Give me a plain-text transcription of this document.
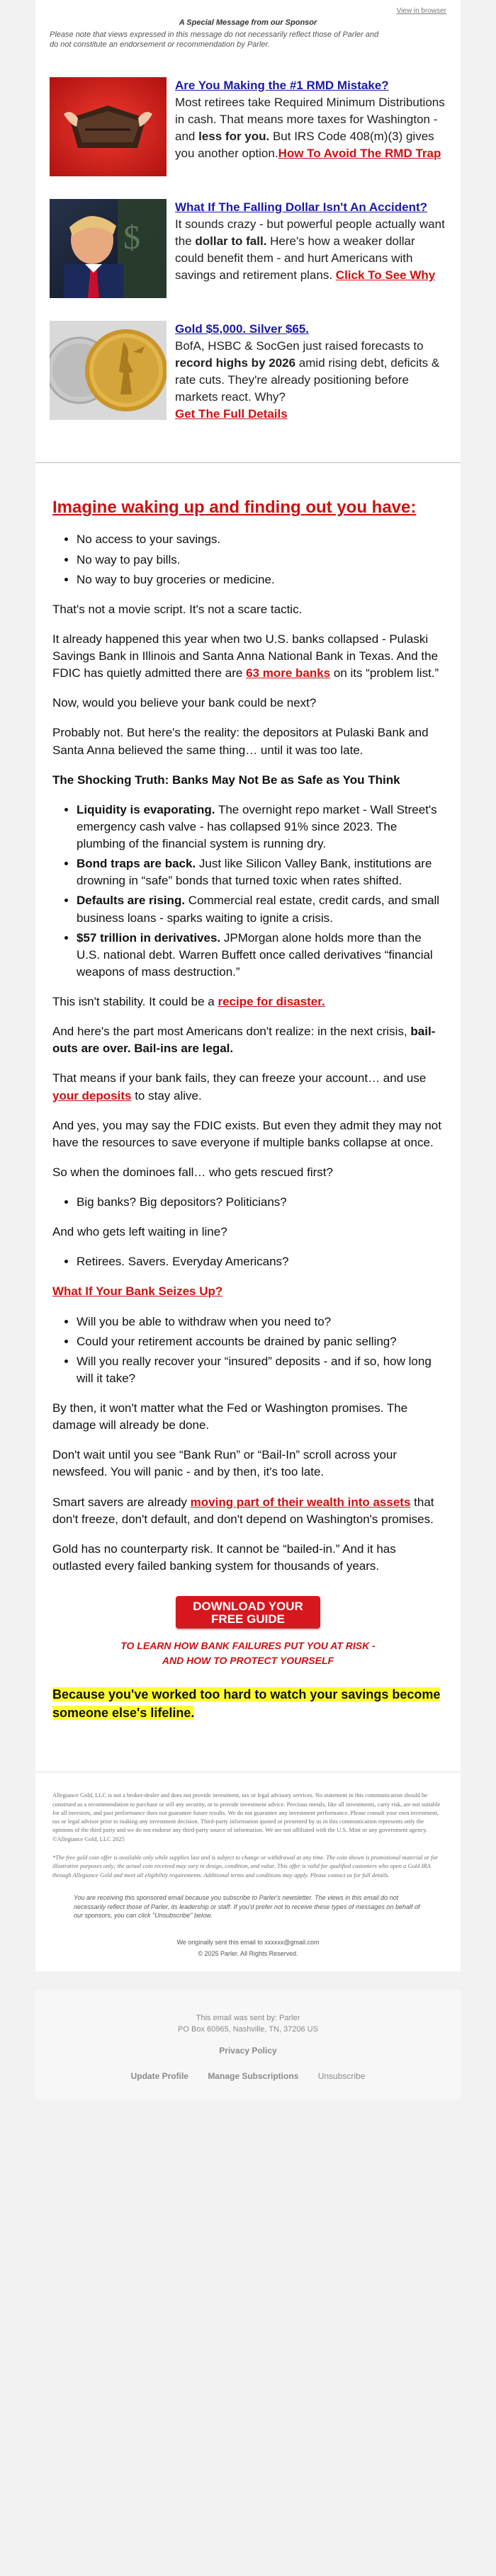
View in browser
A Special Message from our Sponsor
Please note that views expressed in this message do not necessarily reflect those of Parler and do not constitute an endorsement or recommendation by Parler.
Are You Making the #1 RMD Mistake?
Most retirees take Required Minimum Distributions in cash. That means more taxes for Washington - and less for you. But IRS Code 408(m)(3) gives you another option.How To Avoid The RMD Trap
$
What If The Falling Dollar Isn't An Accident?
It sounds crazy - but powerful people actually want the dollar to fall. Here's how a weaker dollar could benefit them - and hurt Americans with savings and retirement plans. Click To See Why
Gold $5,000. Silver $65.
BofA, HSBC & SocGen just raised forecasts to record highs by 2026 amid rising debt, deficits & rate cuts. They're already positioning before markets react. Why?
Get The Full Details
Imagine waking up and finding out you have:
• No access to your savings.
• No way to pay bills.
• No way to buy groceries or medicine.

That's not a movie script. It's not a scare tactic.

It already happened this year when two U.S. banks collapsed - Pulaski Savings Bank in Illinois and Santa Anna National Bank in Texas. And the FDIC has quietly admitted there are 63 more banks on its “problem list.”

Now, would you believe your bank could be next?

Probably not. But here's the reality: the depositors at Pulaski Bank and Santa Anna believed the same thing… until it was too late.

The Shocking Truth: Banks May Not Be as Safe as You Think

• Liquidity is evaporating. The overnight repo market - Wall Street's emergency cash valve - has collapsed 91% since 2023. The plumbing of the financial system is running dry.
• Bond traps are back. Just like Silicon Valley Bank, institutions are drowning in “safe” bonds that turned toxic when rates shifted.
• Defaults are rising. Commercial real estate, credit cards, and small business loans - sparks waiting to ignite a crisis.
• $57 trillion in derivatives. JPMorgan alone holds more than the U.S. national debt. Warren Buffett once called derivatives “financial weapons of mass destruction.”

This isn't stability. It could be a recipe for disaster.

And here's the part most Americans don't realize: in the next crisis, bail-outs are over. Bail-ins are legal.

That means if your bank fails, they can freeze your account… and use your deposits to stay alive.

And yes, you may say the FDIC exists. But even they admit they may not have the resources to save everyone if multiple banks collapse at once.

So when the dominoes fall… who gets rescued first?

• Big banks? Big depositors? Politicians?

And who gets left waiting in line?

• Retirees. Savers. Everyday Americans?

What If Your Bank Seizes Up?

• Will you be able to withdraw when you need to?
• Could your retirement accounts be drained by panic selling?
• Will you really recover your “insured” deposits - and if so, how long will it take?

By then, it won't matter what the Fed or Washington promises. The damage will already be done.

Don't wait until you see “Bank Run” or “Bail-In” scroll across your newsfeed. You will panic - and by then, it's too late.

Smart savers are already moving part of their wealth into assets that don't freeze, don't default, and don't depend on Washington's promises.

Gold has no counterparty risk. It cannot be “bailed-in.” And it has outlasted every failed banking system for thousands of years.

DOWNLOAD YOUR
FREE GUIDE
TO LEARN HOW BANK FAILURES PUT YOU AT RISK -
AND HOW TO PROTECT YOURSELF

Because you've worked too hard to watch your savings become someone else's lifeline.

Allegiance Gold, LLC is not a broker-dealer and does not provide investment, tax or legal advisory services. No statement in this communication should be construed as a recommendation to purchase or sell any security, or to provide investment advice. Precious metals, like all investments, carry risk, are not suitable for all investors, and past performance does not guarantee future results. We do not guarantee any investment performance. Please consult your own investment, tax or legal advisor prior to making any investment decision. Third-party information quoted or presented by us in this communication represents only the opinions of the third party and we do not endorse any third-party source of information. We are not affiliated with the U.S. Mint or any government agency. ©Allegiance Gold, LLC 2025

*The free gold coin offer is available only while supplies last and is subject to change or withdrawal at any time. The coin shown is promotional material or for illustrative purposes only; the actual coin received may vary in design, condition, and value. This offer is valid for qualified customers who open a Gold IRA through Allegiance Gold and meet all eligibility requirements. Additional terms and conditions may apply. Please contact us for full details.

You are receiving this sponsored email because you subscribe to Parler's newsletter. The views in this email do not necessarily reflect those of Parler, its leadership or staff. If you'd prefer not to receive these types of messages on behalf of our sponsors, you can click "Unsubscribe" below.
We originally sent this email to xxxxxx@gmail.com
© 2025 Parler. All Rights Reserved.
This email was sent by: Parler
PO Box 60965, Nashville, TN, 37206 US
Privacy Policy
Update Profile Manage Subscriptions Unsubscribe
